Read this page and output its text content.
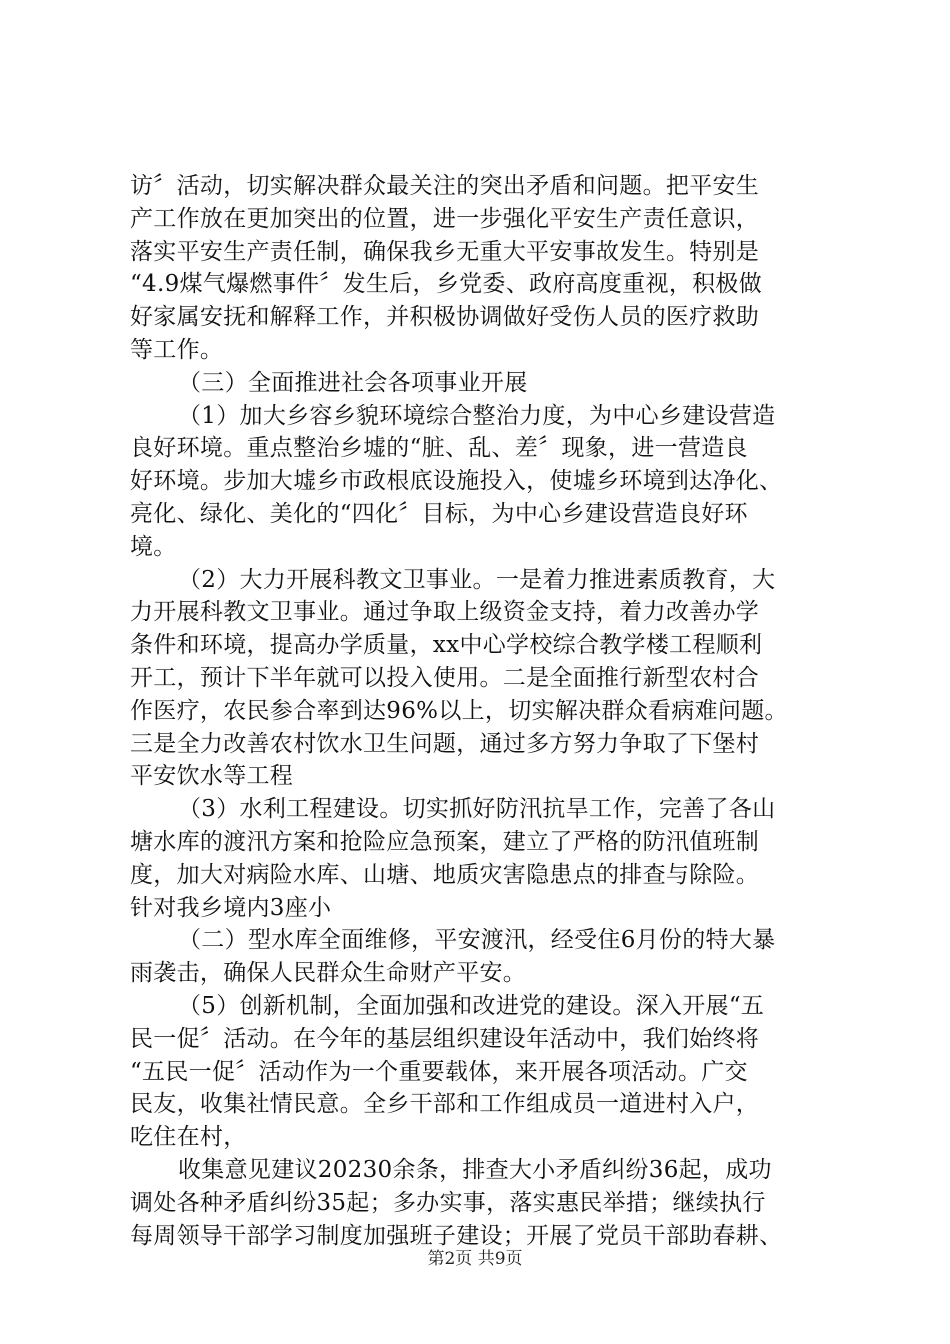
访〞活动，切实解决群众最关注的突出矛盾和问题。把平安生
产工作放在更加突出的位置，进一步强化平安生产责任意识，
落实平安生产责任制，确保我乡无重大平安事故发生。特别是
“4.9煤气爆燃事件〞发生后，乡党委、政府高度重视，积极做
好家属安抚和解释工作，并积极协调做好受伤人员的医疗救助
等工作。
（三）全面推进社会各项事业开展
（1）加大乡容乡貌环境综合整治力度，为中心乡建设营造
良好环境。重点整治乡墟的“脏、乱、差〞现象，进一营造良
好环境。步加大墟乡市政根底设施投入，使墟乡环境到达净化、
亮化、绿化、美化的“四化〞目标，为中心乡建设营造良好环
境。
（2）大力开展科教文卫事业。一是着力推进素质教育，大
力开展科教文卫事业。通过争取上级资金支持，着力改善办学
条件和环境，提高办学质量，xx中心学校综合教学楼工程顺利
开工，预计下半年就可以投入使用。二是全面推行新型农村合
作医疗，农民参合率到达96%以上，切实解决群众看病难问题。
三是全力改善农村饮水卫生问题，通过多方努力争取了下堡村
平安饮水等工程
（3）水利工程建设。切实抓好防汛抗旱工作，完善了各山
塘水库的渡汛方案和抢险应急预案，建立了严格的防汛值班制
度，加大对病险水库、山塘、地质灾害隐患点的排查与除险。
针对我乡境内3座小
（二）型水库全面维修，平安渡汛，经受住6月份的特大暴
雨袭击，确保人民群众生命财产平安。
（5）创新机制，全面加强和改进党的建设。深入开展“五
民一促〞活动。在今年的基层组织建设年活动中，我们始终将
“五民一促〞活动作为一个重要载体，来开展各项活动。广交
民友，收集社情民意。全乡干部和工作组成员一道进村入户，
吃住在村，
收集意见建议20230余条，排查大小矛盾纠纷36起，成功
调处各种矛盾纠纷35起；多办实事，落实惠民举措；继续执行
每周领导干部学习制度加强班子建设；开展了党员干部助春耕、
第2页 共9页
